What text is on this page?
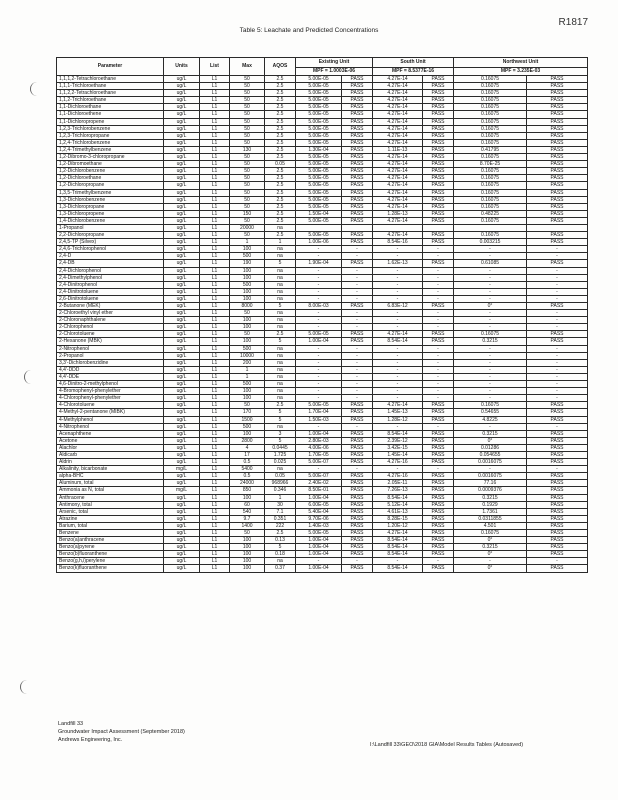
R1817
Table 5: Leachate and Predicted Concentrations
Parameter	Units	List	Max	AQOS	Existing Unit		South Unit		Northwest Unit	
					MPF = 1.0003E-06		MPF = 8.5377E-16		MPF = 3.235E-03	
1,1,1,2-Tetrachloroethane	ug/L	L1	50	2.5	5.00E-05	PASS	4.27E-14	PASS	0.16075	PASS
1,1,1-Trichloroethane	ug/L	L1	50	2.5	5.00E-05	PASS	4.27E-14	PASS	0.16075	PASS
1,1,2,2-Tetrachloroethane	ug/L	L1	50	2.5	5.00E-05	PASS	4.27E-14	PASS	0.16075	PASS
1,1,2-Trichloroethane	ug/L	L1	50	2.5	5.00E-05	PASS	4.27E-14	PASS	0.16075	PASS
1,1-Dichloroethane	ug/L	L1	50	2.5	5.00E-05	PASS	4.27E-14	PASS	0.16075	PASS
1,1-Dichloroethene	ug/L	L1	50	2.5	5.00E-05	PASS	4.27E-14	PASS	0.16075	PASS
1,1-Dichloropropene	ug/L	L1	50	2.5	5.00E-05	PASS	4.27E-14	PASS	0.16075	PASS
1,2,3-Trichlorobenzene	ug/L	L1	50	2.5	5.00E-05	PASS	4.27E-14	PASS	0.16075	PASS
1,2,3-Trichloropropane	ug/L	L1	50	2.5	5.00E-05	PASS	4.27E-14	PASS	0.16075	PASS
1,2,4-Trichlorobenzene	ug/L	L1	50	2.5	5.00E-05	PASS	4.27E-14	PASS	0.16075	PASS
1,2,4-Trimethylbenzene	ug/L	L1	130	2.5	1.30E-04	PASS	1.11E-13	PASS	0.41795	PASS
1,2-Dibromo-3-chloropropane	ug/L	L1	50	2.5	5.00E-05	PASS	4.27E-14	PASS	0.16075	PASS
1,2-Dibromoethane	ug/L	L1	50	0.05	5.00E-05	PASS	4.27E-14	PASS	8.70E-25	PASS
1,2-Dichlorobenzene	ug/L	L1	50	2.5	5.00E-05	PASS	4.27E-14	PASS	0.16075	PASS
1,2-Dichloroethane	ug/L	L1	50	2.5	5.00E-05	PASS	4.27E-14	PASS	0.16075	PASS
1,2-Dichloropropane	ug/L	L1	50	2.5	5.00E-05	PASS	4.27E-14	PASS	0.16075	PASS
1,3,5-Trimethylbenzene	ug/L	L1	50	2.5	5.00E-05	PASS	4.27E-14	PASS	0.16075	PASS
1,3-Dichlorobenzene	ug/L	L1	50	2.5	5.00E-05	PASS	4.27E-14	PASS	0.16075	PASS
1,3-Dichloropropane	ug/L	L1	50	2.5	5.00E-05	PASS	4.27E-14	PASS	0.16075	PASS
1,3-Dichloropropene	ug/L	L1	150	2.5	1.50E-04	PASS	1.28E-13	PASS	0.48225	PASS
1,4-Dichlorobenzene	ug/L	L1	50	2.5	5.00E-05	PASS	4.27E-14	PASS	0.16075	PASS
1-Propanol	ug/L	L1	20000	na						
2,2-Dichloropropane	ug/L	L1	50	2.5	5.00E-05	PASS	4.27E-14	PASS	0.16075	PASS
2,4,5-TP (Silvex)	ug/L	L1	1	1	1.00E-06	PASS	8.54E-16	PASS	0.003215	PASS
2,4,6-Trichlorophenol	ug/L	L1	100	na	-	-	-	-	-	-
2,4-D	ug/L	L1	500	na	-	-	-	-	-	-
2,4-DB	ug/L	L1	190	5	1.90E-04	PASS	1.62E-13	PASS	0.61085	PASS
2,4-Dichlorophenol	ug/L	L1	100	na	-	-	-	-	-	-
2,4-Dimethylphenol	ug/L	L1	100	na	-	-	-	-	-	-
2,4-Dinitrophenol	ug/L	L1	500	na	-	-	-	-	-	-
2,4-Dinitrotoluene	ug/L	L1	100	na	-	-	-	-	-	-
2,6-Dinitrotoluene	ug/L	L1	100	na	-	-	-	-	-	-
2-Butanone (MEK)	ug/L	L1	8000	5	8.00E-03	PASS	6.83E-12	PASS	0°	PASS
2-Chloroethyl vinyl ether	ug/L	L1	50	na	-	-	-	-	-	-
2-Chloronaphthalene	ug/L	L1	100	na	-	-	-	-	-	-
2-Chlorophenol	ug/L	L1	100	na	-	-	-	-	-	-
2-Chlorotoluene	ug/L	L1	50	2.5	5.00E-05	PASS	4.27E-14	PASS	0.16075	PASS
2-Hexanone (MBK)	ug/L	L1	100	5	1.00E-04	PASS	8.54E-14	PASS	0.3215	PASS
2-Nitrophenol	ug/L	L1	500	na	-	-	-	-	-	-
2-Propanol	ug/L	L1	10000	na	-	-	-	-	-	-
3,3'-Dichlorobenzidine	ug/L	L1	200	na	-	-	-	-	-	-
4,4'-DDD	ug/L	L1	1	na	-	-	-	-	-	-
4,4'-DDE	ug/L	L1	1	na	-	-	-	-	-	-
4,6-Dinitro-2-methylphenol	ug/L	L1	500	na	-	-	-	-	-	-
4-Bromophenyl-phenylether	ug/L	L1	100	na	-	-	-	-	-	-
4-Chlorophenyl-phenylether	ug/L	L1	100	na	-	-	-	-	-	-
4-Chlorotoluene	ug/L	L1	50	2.5	5.00E-05	PASS	4.27E-14	PASS	0.16075	PASS
4-Methyl-2-pentanone (MIBK)	ug/L	L1	170	5	1.70E-04	PASS	1.45E-13	PASS	0.54655	PASS
4-Methylphenol	ug/L	L1	1500	5	1.50E-03	PASS	1.28E-12	PASS	4.8225	PASS
4-Nitrophenol	ug/L	L1	500	na	-	-	-	-	-	-
Acenaphthene	ug/L	L1	100	3	1.00E-04	PASS	8.54E-14	PASS	0.3215	PASS
Acetone	ug/L	L1	2800	5	2.80E-03	PASS	2.39E-12	PASS	0°	PASS
Alachlor	ug/L	L1	4	0.0445	4.00E-06	PASS	3.42E-15	PASS	0.01286	PASS
Aldicarb	ug/L	L1	17	1.725	1.70E-05	PASS	1.45E-14	PASS	0.054655	PASS
Aldrin	ug/L	L1	0.5	0.025	5.00E-07	PASS	4.27E-16	PASS	0.0016075	PASS
Alkalinity, bicarbonate	mg/L	L1	5400	na	-	-	-	-	-	-
alpha-BHC	ug/L	L1	0.5	0.05	5.00E-07	PASS	4.27E-16	PASS	0.0016075	PASS
Aluminum, total	ug/L	L1	24000	968966	2.40E-02	PASS	2.05E-11	PASS	77.16	PASS
Ammonia as N, total	mg/L	L1	850	0.346	8.50E-01	PASS	7.26E-13	PASS	0.0009376	PASS
Anthracene	ug/L	L1	100	1	1.00E-04	PASS	8.54E-14	PASS	0.3215	PASS
Antimony, total	ug/L	L1	60	30	6.00E-05	PASS	5.12E-14	PASS	0.1929	PASS
Arsenic, total	ug/L	L1	540	7.1	5.40E-04	PASS	4.61E-13	PASS	1.7361	PASS
Atrazine	ug/L	L1	9.7	0.351	9.70E-06	PASS	8.28E-15	PASS	0.0311855	PASS
Barium, total	ug/L	L1	1400	222	1.40E-03	PASS	1.20E-12	PASS	4.501	PASS
Benzene	ug/L	L1	50	2.5	5.00E-05	PASS	4.27E-14	PASS	0.16075	PASS
Benzo(a)anthracene	ug/L	L1	100	0.13	1.00E-04	PASS	8.54E-14	PASS	0°	PASS
Benzo(a)pyrene	ug/L	L1	100	5	1.00E-04	PASS	8.54E-14	PASS	0.3215	PASS
Benzo(b)fluoranthene	ug/L	L1	100	0.18	1.00E-04	PASS	8.54E-14	PASS	0°	PASS
Benzo(g,h,i)perylene	ug/L	L1	100	na	-	-	-	-	-	-
Benzo(k)fluoranthene	ug/L	L1	100	0.37	1.00E-04	PASS	8.54E-14	PASS	0°	PASS
Landfill 33
Groundwater Impact Assessment (September 2018)
Andrews Engineering, Inc.
I:\Landfill 33\GEO\2018 GIA\Model Results Tables (Autosaved)
